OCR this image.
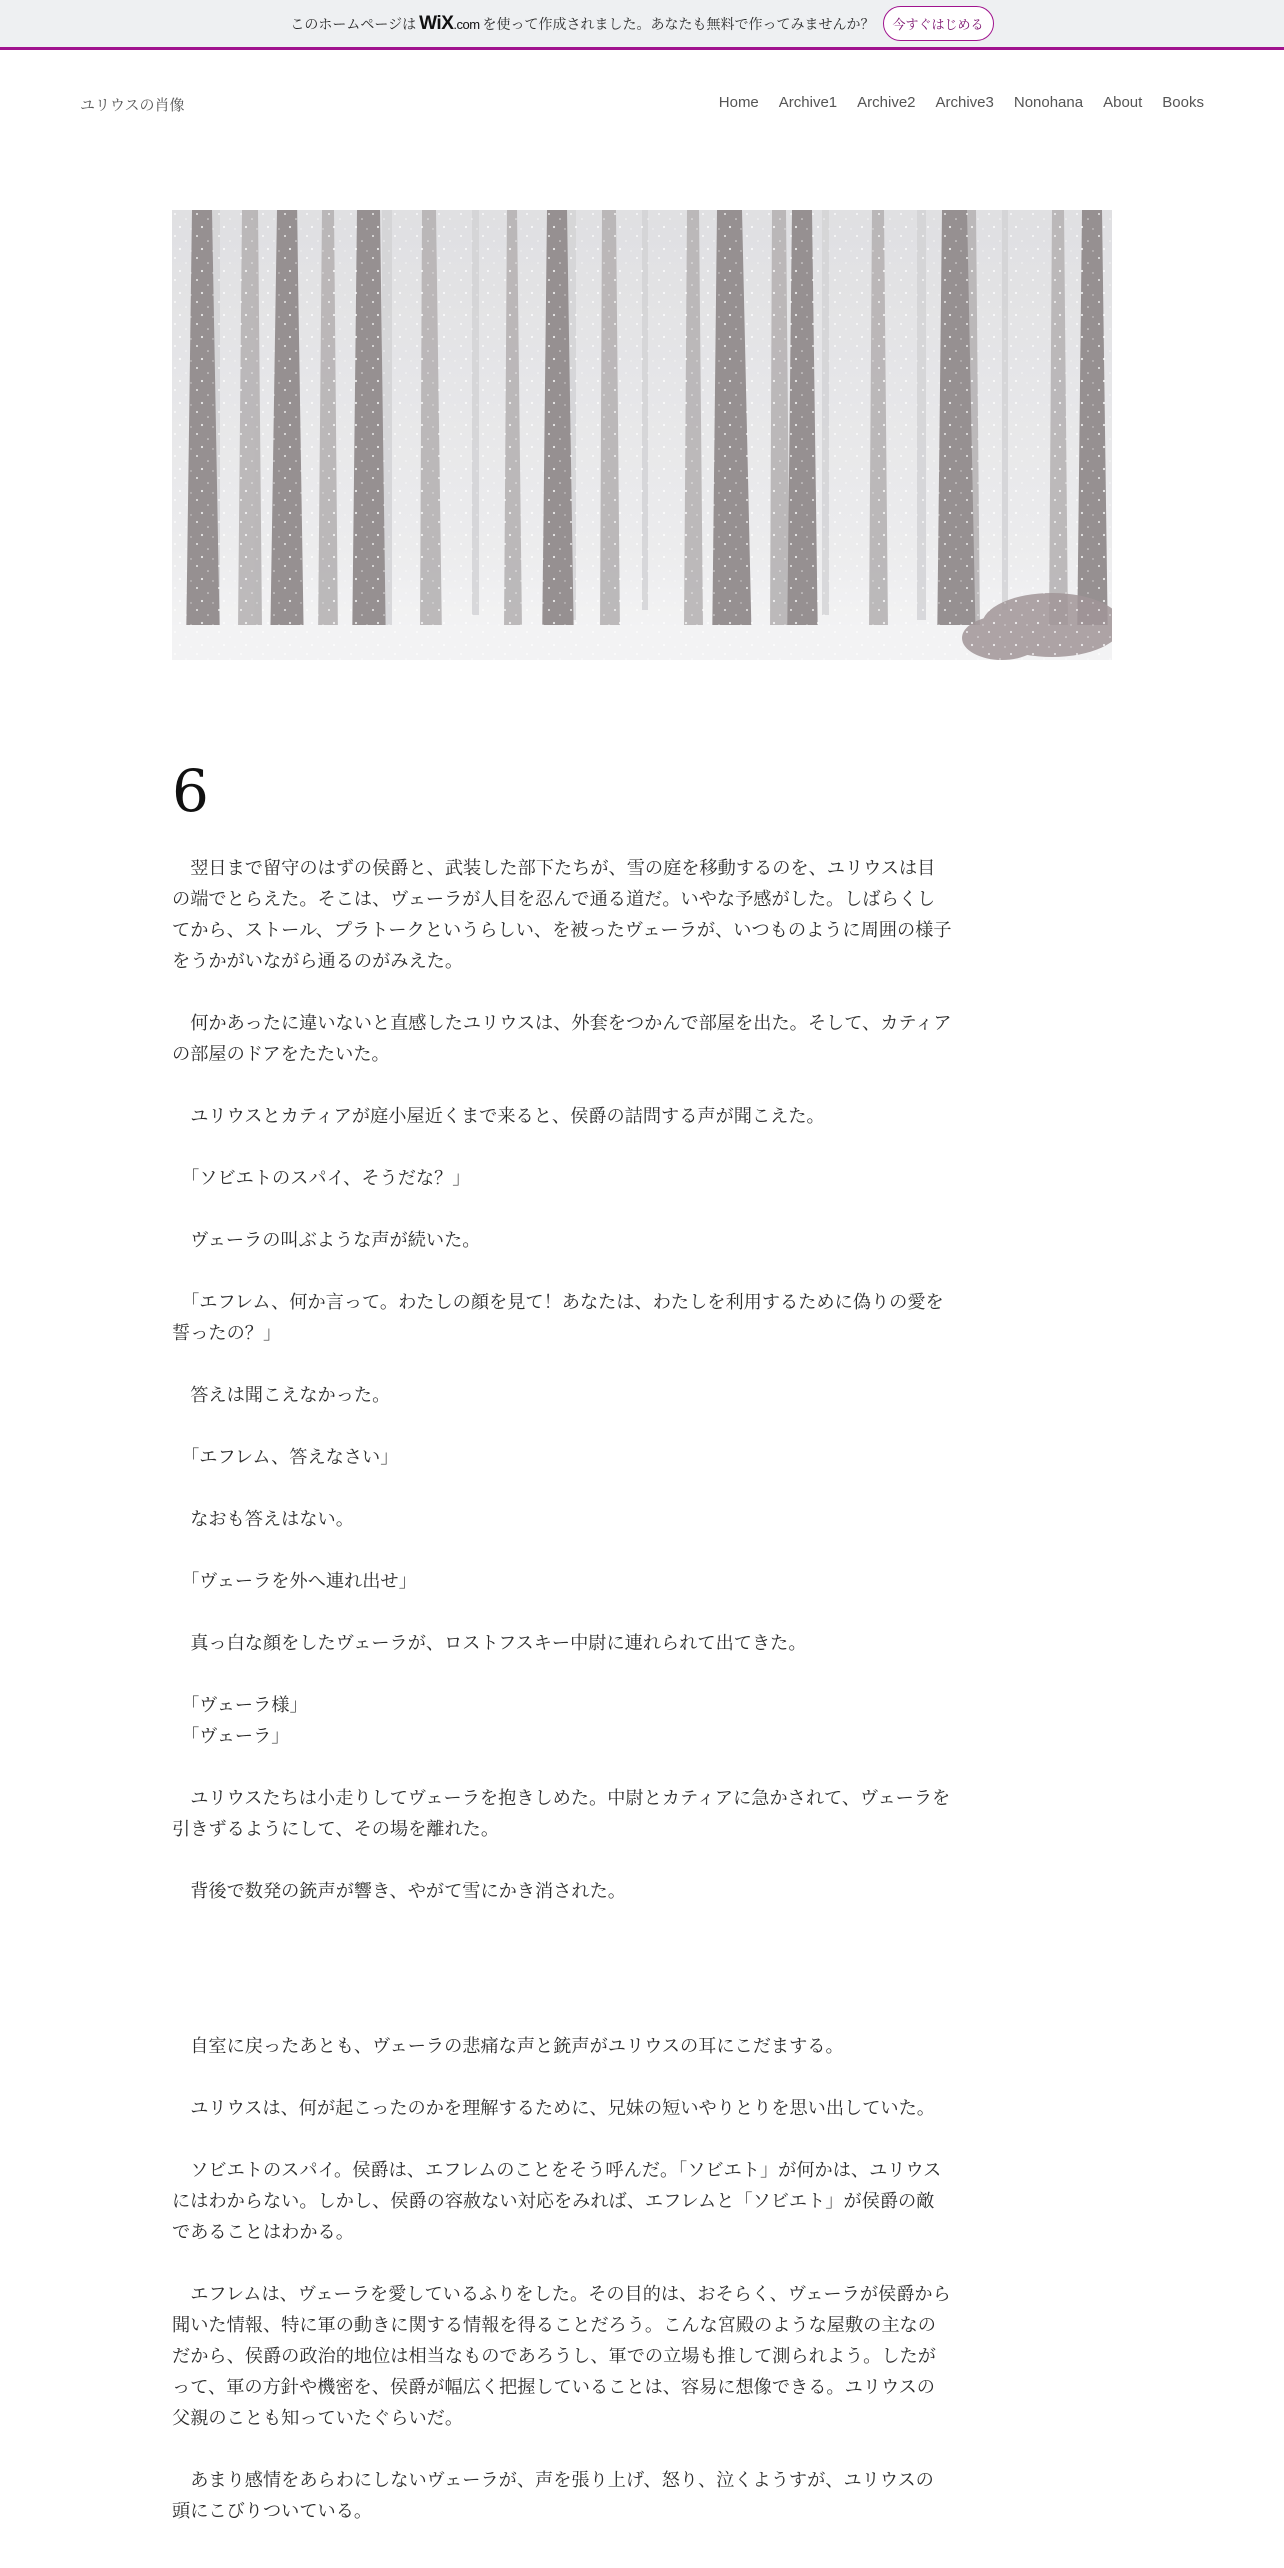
このホームページは WiX.com を使って作成されました。あなたも無料で作ってみませんか？	今すぐはじめる
ユリウスの肖像	Home Archive1 Archive2 Archive3 Nonohana About Books
6

　翌日まで留守のはずの侯爵と、武装した部下たちが、雪の庭を移動するのを、ユリウスは目の端でとらえた。そこは、ヴェーラが人目を忍んで通る道だ。いやな予感がした。しばらくしてから、ストール、プラトークというらしい、を被ったヴェーラが、いつものように周囲の様子をうかがいながら通るのがみえた。

　何かあったに違いないと直感したユリウスは、外套をつかんで部屋を出た。そして、カティアの部屋のドアをたたいた。

　ユリウスとカティアが庭小屋近くまで来ると、侯爵の詰問する声が聞こえた。

　「ソビエトのスパイ、そうだな？」

　ヴェーラの叫ぶような声が続いた。

　「エフレム、何か言って。わたしの顔を見て！あなたは、わたしを利用するために偽りの愛を誓ったの？」

　答えは聞こえなかった。

　「エフレム、答えなさい」

　なおも答えはない。

　「ヴェーラを外へ連れ出せ」

　真っ白な顔をしたヴェーラが、ロストフスキー中尉に連れられて出てきた。

　「ヴェーラ様」
　「ヴェーラ」

　ユリウスたちは小走りしてヴェーラを抱きしめた。中尉とカティアに急かされて、ヴェーラを引きずるようにして、その場を離れた。

　背後で数発の銃声が響き、やがて雪にかき消された。

　自室に戻ったあとも、ヴェーラの悲痛な声と銃声がユリウスの耳にこだまする。

　ユリウスは、何が起こったのかを理解するために、兄妹の短いやりとりを思い出していた。

　ソビエトのスパイ。侯爵は、エフレムのことをそう呼んだ。「ソビエト」が何かは、ユリウスにはわからない。しかし、侯爵の容赦ない対応をみれば、エフレムと「ソビエト」が侯爵の敵であることはわかる。

　エフレムは、ヴェーラを愛しているふりをした。その目的は、おそらく、ヴェーラが侯爵から聞いた情報、特に軍の動きに関する情報を得ることだろう。こんな宮殿のような屋敷の主なのだから、侯爵の政治的地位は相当なものであろうし、軍での立場も推して測られよう。したがって、軍の方針や機密を、侯爵が幅広く把握していることは、容易に想像できる。ユリウスの父親のことも知っていたぐらいだ。

　あまり感情をあらわにしないヴェーラが、声を張り上げ、怒り、泣くようすが、ユリウスの頭にこびりついている。
